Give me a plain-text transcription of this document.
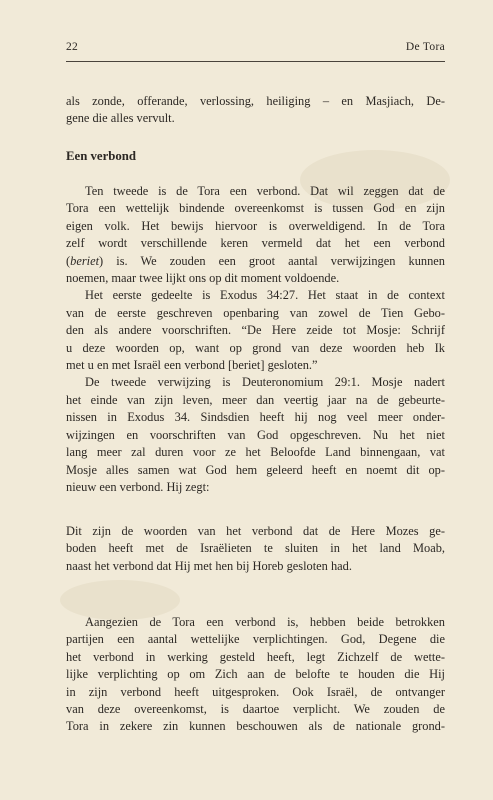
22	De Tora
als zonde, offerande, verlossing, heiliging – en Masjiach, De-
gene die alles vervult.
Een verbond
Ten tweede is de Tora een verbond. Dat wil zeggen dat de
Tora een wettelijk bindende overeenkomst is tussen God en zijn
eigen volk. Het bewijs hiervoor is overweldigend. In de Tora
zelf wordt verschillende keren vermeld dat het een verbond
(beriet) is. We zouden een groot aantal verwijzingen kunnen
noemen, maar twee lijkt ons op dit moment voldoende.
Het eerste gedeelte is Exodus 34:27. Het staat in de context
van de eerste geschreven openbaring van zowel de Tien Gebo-
den als andere voorschriften. “De Here zeide tot Mosje: Schrijf
u deze woorden op, want op grond van deze woorden heb Ik
met u en met Israël een verbond [beriet] gesloten.”
De tweede verwijzing is Deuteronomium 29:1. Mosje nadert
het einde van zijn leven, meer dan veertig jaar na de gebeurte-
nissen in Exodus 34. Sindsdien heeft hij nog veel meer onder-
wijzingen en voorschriften van God opgeschreven. Nu het niet
lang meer zal duren voor ze het Beloofde Land binnengaan, vat
Mosje alles samen wat God hem geleerd heeft en noemt dit op-
nieuw een verbond. Hij zegt:
Dit zijn de woorden van het verbond dat de Here Mozes ge-
boden heeft met de Israëlieten te sluiten in het land Moab,
naast het verbond dat Hij met hen bij Horeb gesloten had.
Aangezien de Tora een verbond is, hebben beide betrokken
partijen een aantal wettelijke verplichtingen. God, Degene die
het verbond in werking gesteld heeft, legt Zichzelf de wette-
lijke verplichting op om Zich aan de belofte te houden die Hij
in zijn verbond heeft uitgesproken. Ook Israël, de ontvanger
van deze overeenkomst, is daartoe verplicht. We zouden de
Tora in zekere zin kunnen beschouwen als de nationale grond-
